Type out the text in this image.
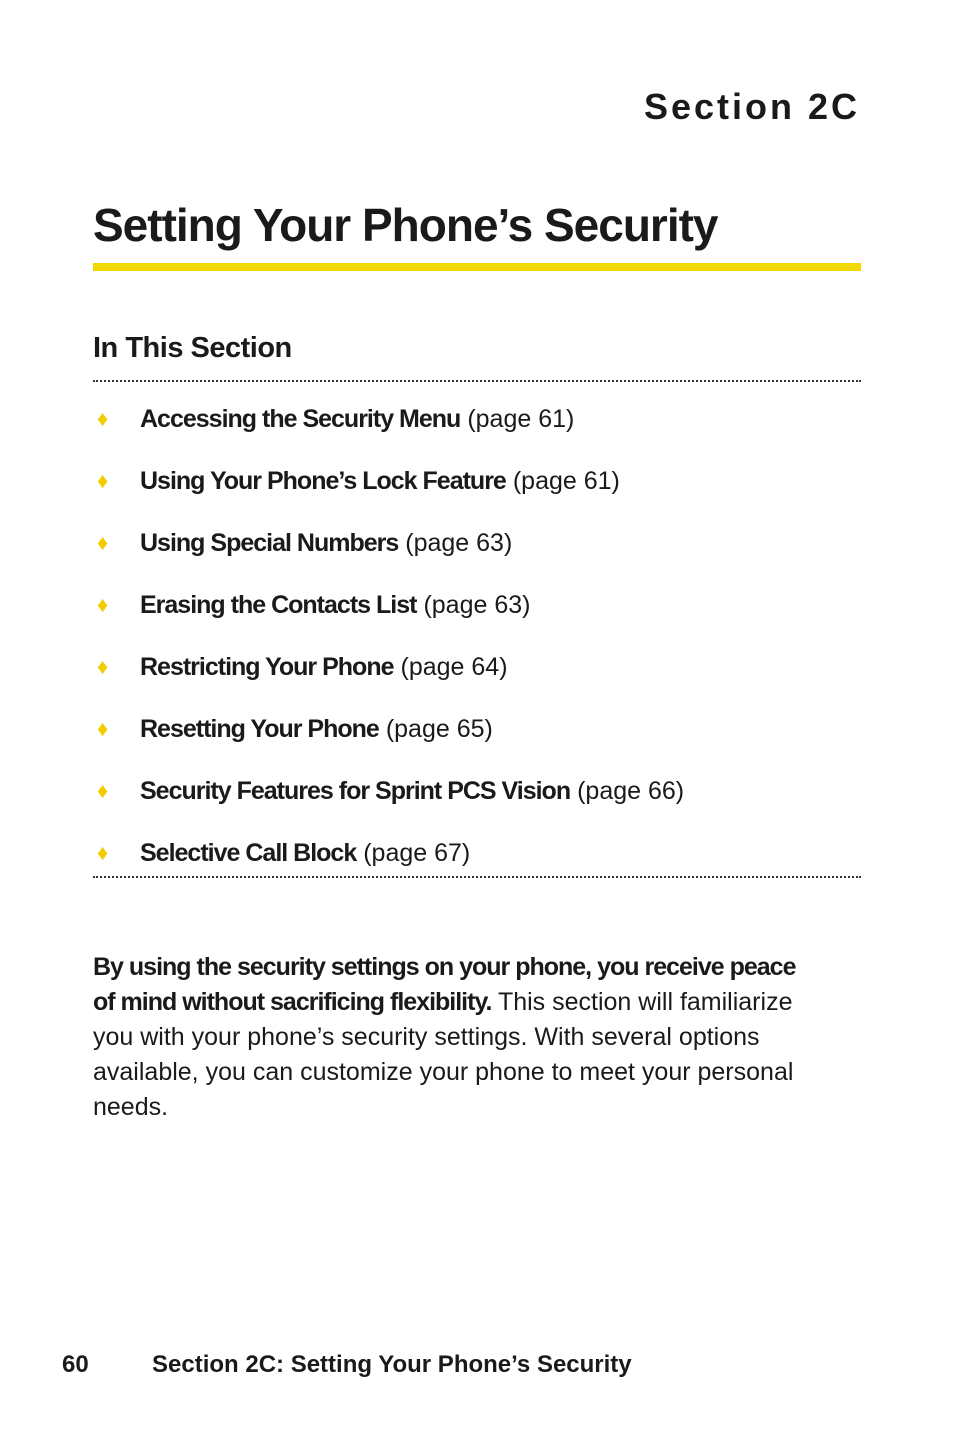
Section 2C
Setting Your Phone’s Security
In This Section
♦	Accessing the Security Menu (page 61)
♦	Using Your Phone’s Lock Feature (page 61)
♦	Using Special Numbers (page 63)
♦	Erasing the Contacts List (page 63)
♦	Restricting Your Phone (page 64)
♦	Resetting Your Phone (page 65)
♦	Security Features for Sprint PCS Vision (page 66)
♦	Selective Call Block (page 67)

By using the security settings on your phone, you receive peace of mind without sacrificing flexibility. This section will familiarize you with your phone’s security settings. With several options available, you can customize your phone to meet your personal needs.

60	Section 2C: Setting Your Phone’s Security
